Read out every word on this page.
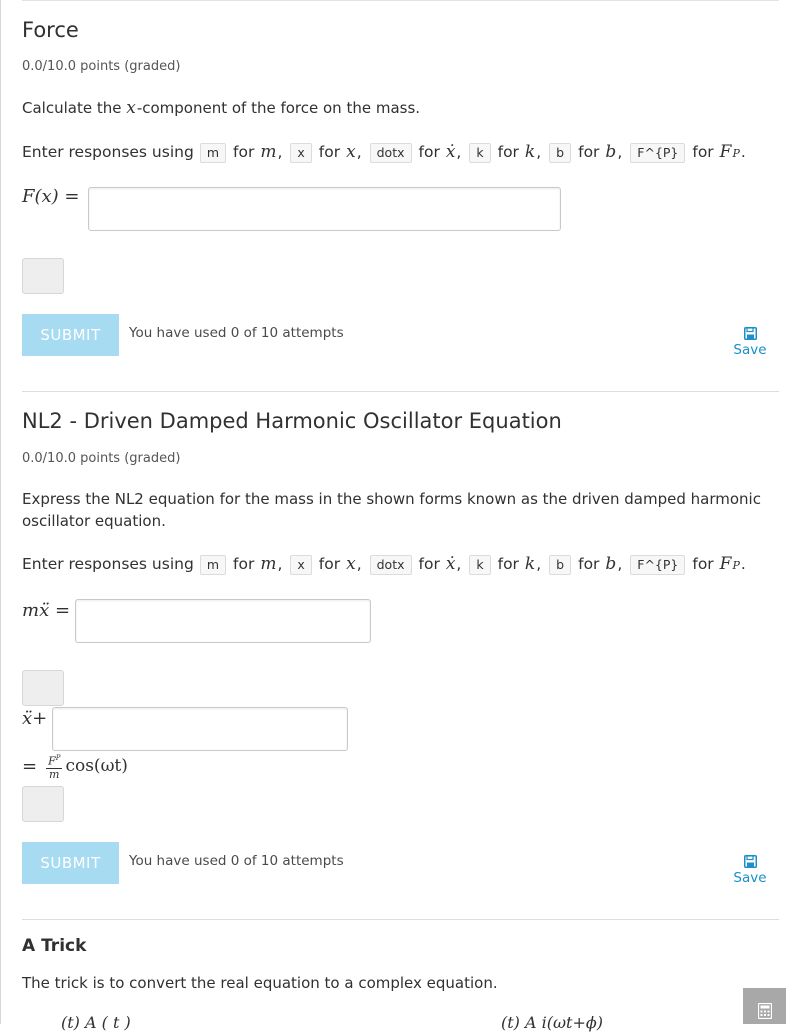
Force
0.0/10.0 points (graded)

Calculate the x-component of the force on the mass.

Enter responses using	m for m ,	x for x ,	dotx for ẋ ,	k for k ,	b for b ,	F^{P} for F P .
F(x) =
SUBMIT	You have used 0 of 10 attempts
Save
NL2 - Driven Damped Harmonic Oscillator Equation
0.0/10.0 points (graded)

Express the NL2 equation for the mass in the shown forms known as the driven damped harmonic oscillator equation.

Enter responses using	m for m ,	x for x ,	dotx for ẋ ,	k for k ,	b for b ,	F^{P} for F P .
mẍ =
ẍ+
= $\frac{F^P}{m} \cos(\omega t)$
SUBMIT	You have used 0 of 10 attempts
Save
A Trick

The trick is to convert the real equation to a complex equation.

(t) A ( t )	(t) A i(ωt+ϕ)
